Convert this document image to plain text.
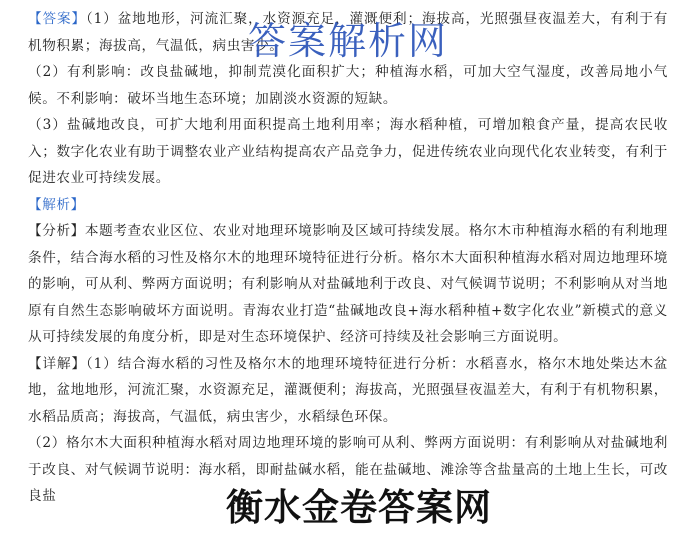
【答案】（1）盆地地形，河流汇聚，水资源充足，灌溉便利；海拔高，光照强昼夜温差大，有利于有机物积累；海拔高，气温低，病虫害少。

（2）有利影响：改良盐碱地，抑制荒漠化面积扩大；种植海水稻，可加大空气湿度，改善局地小气候。不利影响：破坏当地生态环境；加剧淡水资源的短缺。

（3）盐碱地改良，可扩大地利用面积提高土地利用率；海水稻种植，可增加粮食产量，提高农民收入；数字化农业有助于调整农业产业结构提高农产品竞争力，促进传统农业向现代化农业转变，有利于促进农业可持续发展。

【解析】

【分析】本题考查农业区位、农业对地理环境影响及区域可持续发展。格尔木市种植海水稻的有利地理条件，结合海水稻的习性及格尔木的地理环境特征进行分析。格尔木大面积种植海水稻对周边地理环境的影响，可从利、弊两方面说明；有利影响从对盐碱地利于改良、对气候调节说明；不利影响从对当地原有自然生态影响破坏方面说明。青海农业打造“盐碱地改良+海水稻种植+数字化农业”新模式的意义从可持续发展的角度分析，即是对生态环境保护、经济可持续及社会影响三方面说明。

【详解】（1）结合海水稻的习性及格尔木的地理环境特征进行分析：水稻喜水，格尔木地处柴达木盆地，盆地地形，河流汇聚，水资源充足，灌溉便利；海拔高，光照强昼夜温差大，有利于有机物积累，水稻品质高；海拔高，气温低，病虫害少，水稻绿色环保。

（2）格尔木大面积种植海水稻对周边地理环境的影响可从利、弊两方面说明：有利影响从对盐碱地利于改良、对气候调节说明：海水稻，即耐盐碱水稻，能在盐碱地、滩涂等含盐量高的土地上生长，可改良盐

答案解析网
衡水金卷答案网
